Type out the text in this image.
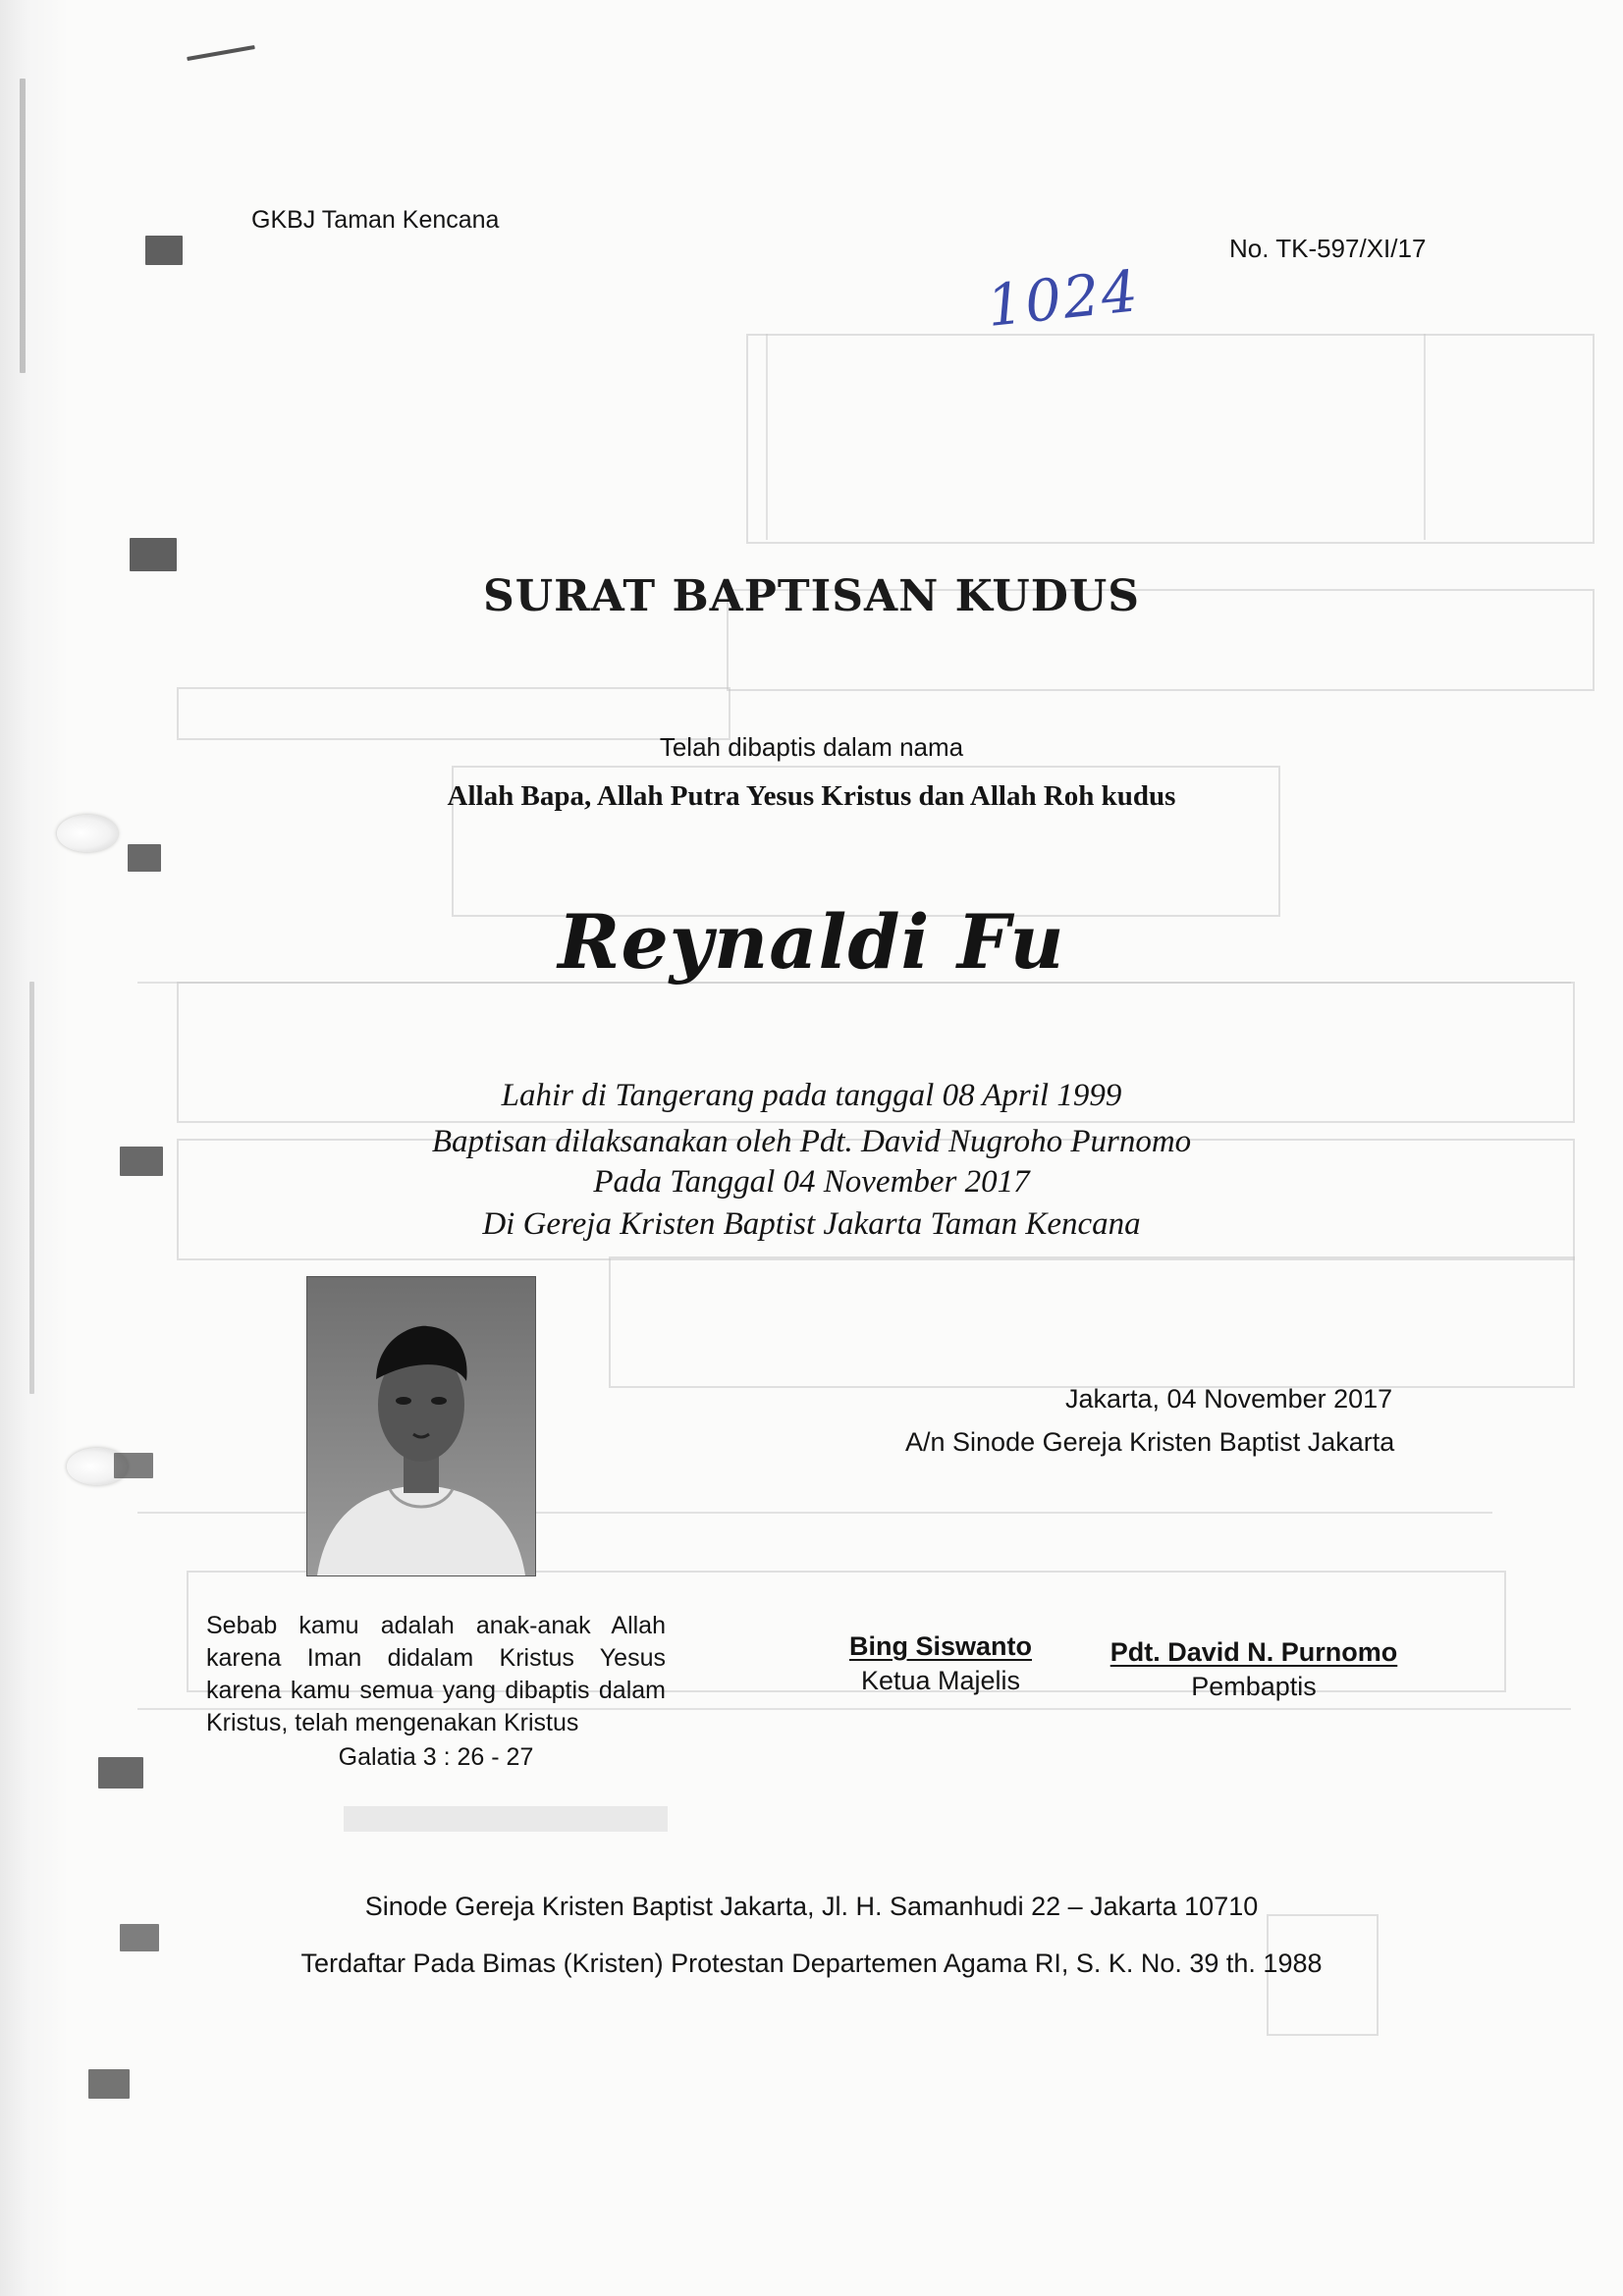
GKBJ Taman Kencana
No. TK-597/XI/17
1024
SURAT BAPTISAN KUDUS
Telah dibaptis dalam nama
Allah Bapa, Allah Putra Yesus Kristus dan Allah Roh kudus
Reynaldi Fu
Lahir di Tangerang pada tanggal 08 April 1999
Baptisan dilaksanakan oleh Pdt. David Nugroho Purnomo
Pada Tanggal 04 November 2017
Di Gereja Kristen Baptist Jakarta Taman Kencana
Jakarta, 04 November 2017
A/n Sinode Gereja Kristen Baptist Jakarta
Sebab kamu adalah anak-anak Allah
karena Iman didalam Kristus Yesus
karena kamu semua yang dibaptis dalam
Kristus, telah mengenakan Kristus
Galatia 3 : 26 - 27
Bing Siswanto
Ketua Majelis
Pdt. David N. Purnomo
Pembaptis
Sinode Gereja Kristen Baptist Jakarta, Jl. H. Samanhudi 22 – Jakarta 10710
Terdaftar Pada Bimas (Kristen) Protestan Departemen Agama RI, S. K. No. 39 th. 1988
